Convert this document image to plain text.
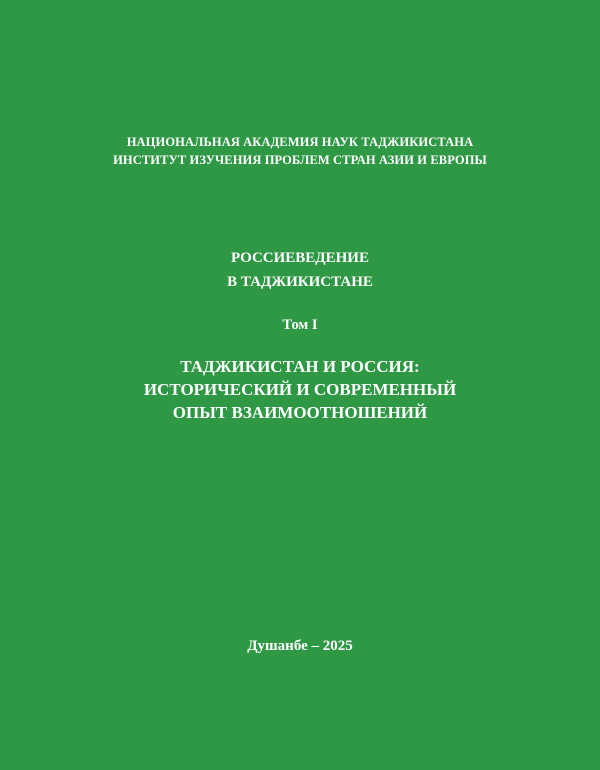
НАЦИОНАЛЬНАЯ АКАДЕМИЯ НАУК ТАДЖИКИСТАНА
ИНСТИТУТ ИЗУЧЕНИЯ ПРОБЛЕМ СТРАН АЗИИ И ЕВРОПЫ
РОССИЕВЕДЕНИЕ
В ТАДЖИКИСТАНЕ
Том I
ТАДЖИКИСТАН И РОССИЯ:
ИСТОРИЧЕСКИЙ И СОВРЕМЕННЫЙ
ОПЫТ ВЗАИМООТНОШЕНИЙ
Душанбе – 2025
